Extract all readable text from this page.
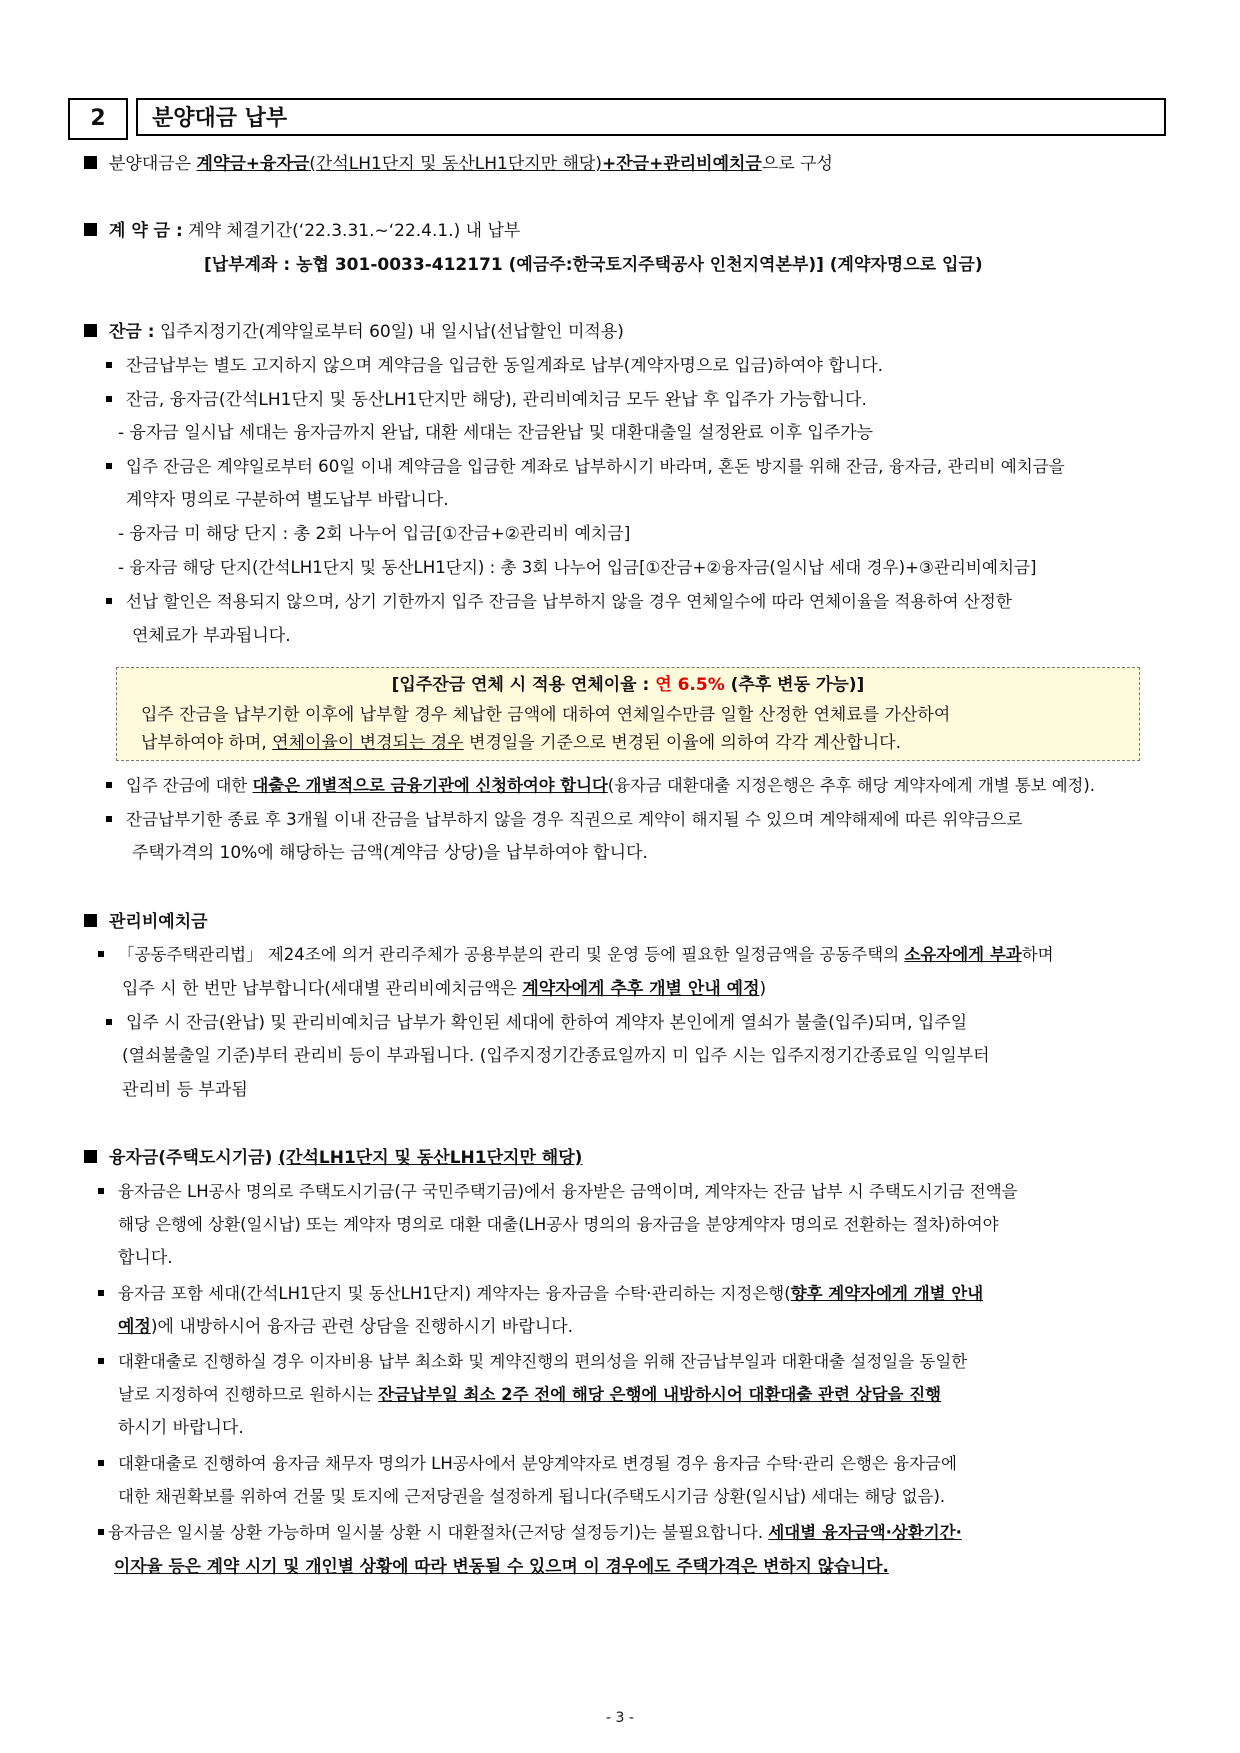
2	분양대금 납부
분양대금은 계약금+융자금(간석LH1단지 및 동산LH1단지만 해당)+잔금+관리비예치금으로 구성
계 약 금 : 계약 체결기간(‘22.3.31.~‘22.4.1.) 내 납부
[납부계좌 : 농협 301-0033-412171 (예금주:한국토지주택공사 인천지역본부)] (계약자명으로 입금)
잔금 : 입주지정기간(계약일로부터 60일) 내 일시납(선납할인 미적용)
잔금납부는 별도 고지하지 않으며 계약금을 입금한 동일계좌로 납부(계약자명으로 입금)하여야 합니다.
잔금, 융자금(간석LH1단지 및 동산LH1단지만 해당), 관리비예치금 모두 완납 후 입주가 가능합니다.
- 융자금 일시납 세대는 융자금까지 완납, 대환 세대는 잔금완납 및 대환대출일 설정완료 이후 입주가능
입주 잔금은 계약일로부터 60일 이내 계약금을 입금한 계좌로 납부하시기 바라며, 혼돈 방지를 위해 잔금, 융자금, 관리비 예치금을
계약자 명의로 구분하여 별도납부 바랍니다.
- 융자금 미 해당 단지 : 총 2회 나누어 입금[①잔금+②관리비 예치금]
- 융자금 해당 단지(간석LH1단지 및 동산LH1단지) : 총 3회 나누어 입금[①잔금+②융자금(일시납 세대 경우)+③관리비예치금]
선납 할인은 적용되지 않으며, 상기 기한까지 입주 잔금을 납부하지 않을 경우 연체일수에 따라 연체이율을 적용하여 산정한
연체료가 부과됩니다.
[입주잔금 연체 시 적용 연체이율 : 연 6.5% (추후 변동 가능)]
입주 잔금을 납부기한 이후에 납부할 경우 체납한 금액에 대하여 연체일수만큼 일할 산정한 연체료를 가산하여
납부하여야 하며, 연체이율이 변경되는 경우 변경일을 기준으로 변경된 이율에 의하여 각각 계산합니다.
입주 잔금에 대한 대출은 개별적으로 금융기관에 신청하여야 합니다(융자금 대환대출 지정은행은 추후 해당 계약자에게 개별 통보 예정).
잔금납부기한 종료 후 3개월 이내 잔금을 납부하지 않을 경우 직권으로 계약이 해지될 수 있으며 계약해제에 따른 위약금으로
주택가격의 10%에 해당하는 금액(계약금 상당)을 납부하여야 합니다.
관리비예치금
「공동주택관리법」 제24조에 의거 관리주체가 공용부분의 관리 및 운영 등에 필요한 일정금액을 공동주택의 소유자에게 부과하며
입주 시 한 번만 납부합니다(세대별 관리비예치금액은 계약자에게 추후 개별 안내 예정)
입주 시 잔금(완납) 및 관리비예치금 납부가 확인된 세대에 한하여 계약자 본인에게 열쇠가 불출(입주)되며, 입주일
(열쇠불출일 기준)부터 관리비 등이 부과됩니다. (입주지정기간종료일까지 미 입주 시는 입주지정기간종료일 익일부터
관리비 등 부과됨
융자금(주택도시기금) (간석LH1단지 및 동산LH1단지만 해당)
융자금은 LH공사 명의로 주택도시기금(구 국민주택기금)에서 융자받은 금액이며, 계약자는 잔금 납부 시 주택도시기금 전액을
해당 은행에 상환(일시납) 또는 계약자 명의로 대환 대출(LH공사 명의의 융자금을 분양계약자 명의로 전환하는 절차)하여야
합니다.
융자금 포함 세대(간석LH1단지 및 동산LH1단지) 계약자는 융자금을 수탁·관리하는 지정은행(향후 계약자에게 개별 안내
예정)에 내방하시어 융자금 관련 상담을 진행하시기 바랍니다.
대환대출로 진행하실 경우 이자비용 납부 최소화 및 계약진행의 편의성을 위해 잔금납부일과 대환대출 설정일을 동일한
날로 지정하여 진행하므로 원하시는 잔금납부일 최소 2주 전에 해당 은행에 내방하시어 대환대출 관련 상담을 진행
하시기 바랍니다.
대환대출로 진행하여 융자금 채무자 명의가 LH공사에서 분양계약자로 변경될 경우 융자금 수탁·관리 은행은 융자금에
대한 채권확보를 위하여 건물 및 토지에 근저당권을 설정하게 됩니다(주택도시기금 상환(일시납) 세대는 해당 없음).
융자금은 일시불 상환 가능하며 일시불 상환 시 대환절차(근저당 설정등기)는 불필요합니다. 세대별 융자금액·상환기간·
이자율 등은 계약 시기 및 개인별 상황에 따라 변동될 수 있으며 이 경우에도 주택가격은 변하지 않습니다.
- 3 -
